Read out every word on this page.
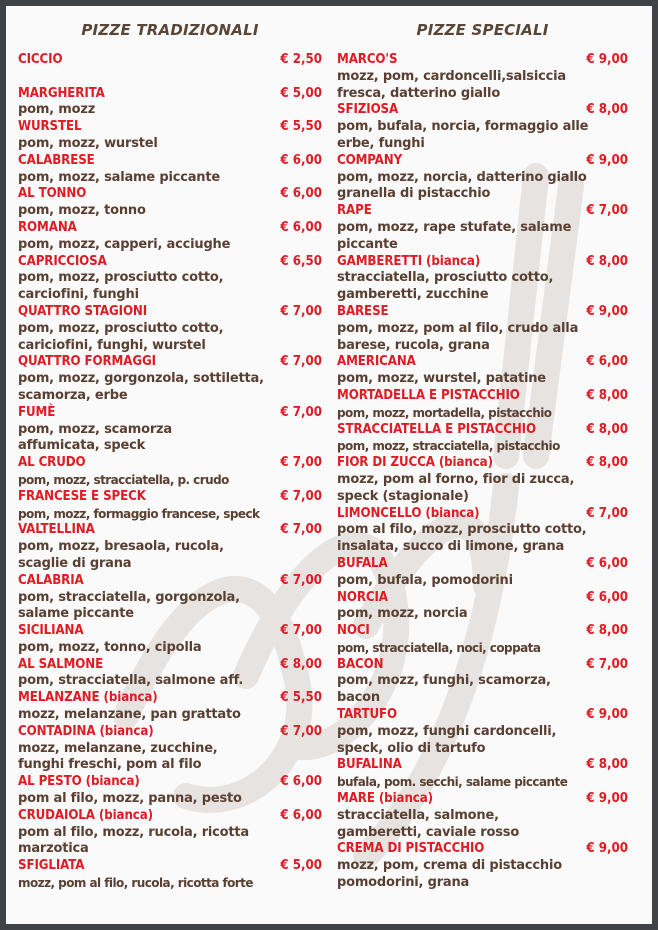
PIZZE TRADIZIONALI
CICCIO	€ 2,50
MARGHERITA	€ 5,00
pom, mozz
WURSTEL	€ 5,50
pom, mozz, wurstel
CALABRESE	€ 6,00
pom, mozz, salame piccante
AL TONNO	€ 6,00
pom, mozz, tonno
ROMANA	€ 6,00
pom, mozz, capperi, acciughe
CAPRICCIOSA	€ 6,50
pom, mozz, prosciutto cotto,
carciofini, funghi
QUATTRO STAGIONI	€ 7,00
pom, mozz, prosciutto cotto,
cariciofini, funghi, wurstel
QUATTRO FORMAGGI	€ 7,00
pom, mozz, gorgonzola, sottiletta,
scamorza, erbe
FUMÈ	€ 7,00
pom, mozz, scamorza
affumicata, speck
AL CRUDO	€ 7,00
pom, mozz, stracciatella, p. crudo
FRANCESE E SPECK	€ 7,00
pom, mozz, formaggio francese, speck
VALTELLINA	€ 7,00
pom, mozz, bresaola, rucola,
scaglie di grana
CALABRIA	€ 7,00
pom, stracciatella, gorgonzola,
salame piccante
SICILIANA	€ 7,00
pom, mozz, tonno, cipolla
AL SALMONE	€ 8,00
pom, stracciatella, salmone aff.
MELANZANE (bianca)	€ 5,50
mozz, melanzane, pan grattato
CONTADINA (bianca)	€ 7,00
mozz, melanzane, zucchine,
funghi freschi, pom al filo
AL PESTO (bianca)	€ 6,00
pom al filo, mozz, panna, pesto
CRUDAIOLA (bianca)	€ 6,00
pom al filo, mozz, rucola, ricotta
marzotica
SFIGLIATA	€ 5,00
mozz, pom al filo, rucola, ricotta forte
PIZZE SPECIALI
MARCO'S	€ 9,00
mozz, pom, cardoncelli,salsiccia
fresca, datterino giallo
SFIZIOSA	€ 8,00
pom, bufala, norcia, formaggio alle
erbe, funghi
COMPANY	€ 9,00
pom, mozz, norcia, datterino giallo
granella di pistacchio
RAPE	€ 7,00
pom, mozz, rape stufate, salame
piccante
GAMBERETTI (bianca)	€ 8,00
stracciatella, prosciutto cotto,
gamberetti, zucchine
BARESE	€ 9,00
pom, mozz, pom al filo, crudo alla
barese, rucola, grana
AMERICANA	€ 6,00
pom, mozz, wurstel, patatine
MORTADELLA E PISTACCHIO	€ 8,00
pom, mozz, mortadella, pistacchio
STRACCIATELLA E PISTACCHIO	€ 8,00
pom, mozz, stracciatella, pistacchio
FIOR DI ZUCCA (bianca)	€ 8,00
mozz, pom al forno, fior di zucca,
speck (stagionale)
LIMONCELLO (bianca)	€ 7,00
pom al filo, mozz, prosciutto cotto,
insalata, succo di limone, grana
BUFALA	€ 6,00
pom, bufala, pomodorini
NORCIA	€ 6,00
pom, mozz, norcia
NOCI	€ 8,00
pom, stracciatella, noci, coppata
BACON	€ 7,00
pom, mozz, funghi, scamorza,
bacon
TARTUFO	€ 9,00
pom, mozz, funghi cardoncelli,
speck, olio di tartufo
BUFALINA	€ 8,00
bufala, pom. secchi, salame piccante
MARE (bianca)	€ 9,00
stracciatella, salmone,
gamberetti, caviale rosso
CREMA DI PISTACCHIO	€ 9,00
mozz, pom, crema di pistacchio
pomodorini, grana
